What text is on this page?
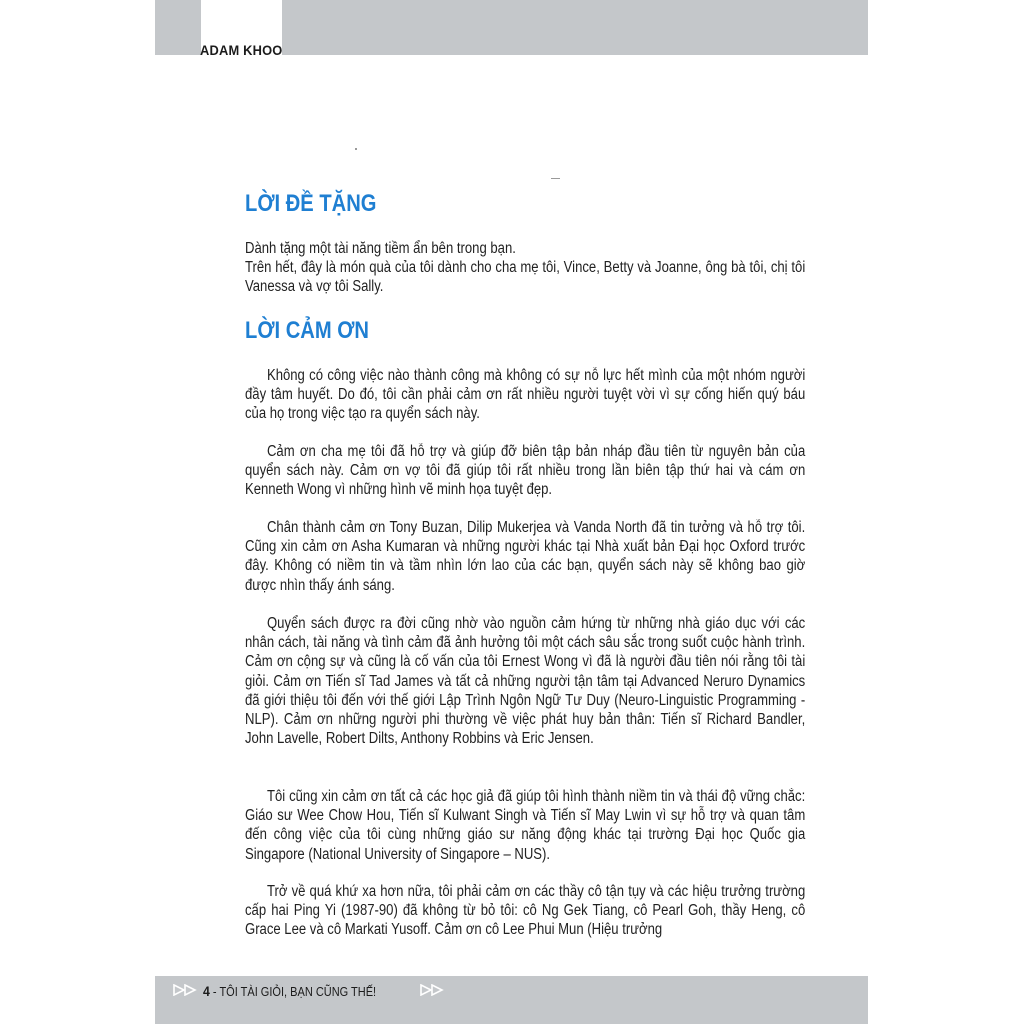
ADAM KHOO
LỜI ĐỀ TẶNG

Dành tặng một tài năng tiềm ẩn bên trong bạn.

Trên hết, đây là món quà của tôi dành cho cha mẹ tôi, Vince, Betty và Joanne, ông bà tôi, chị tôi Vanessa và vợ tôi Sally.

LỜI CẢM ƠN

Không có công việc nào thành công mà không có sự nỗ lực hết mình của một nhóm người đầy tâm huyết. Do đó, tôi cần phải cảm ơn rất nhiều người tuyệt vời vì sự cống hiến quý báu của họ trong việc tạo ra quyển sách này.

Cảm ơn cha mẹ tôi đã hỗ trợ và giúp đỡ biên tập bản nháp đầu tiên từ nguyên bản của quyển sách này. Cảm ơn vợ tôi đã giúp tôi rất nhiều trong lần biên tập thứ hai và cám ơn Kenneth Wong vì những hình vẽ minh họa tuyệt đẹp.

Chân thành cảm ơn Tony Buzan, Dilip Mukerjea và Vanda North đã tin tưởng và hỗ trợ tôi. Cũng xin cảm ơn Asha Kumaran và những người khác tại Nhà xuất bản Đại học Oxford trước đây. Không có niềm tin và tầm nhìn lớn lao của các bạn, quyển sách này sẽ không bao giờ được nhìn thấy ánh sáng.

Quyển sách được ra đời cũng nhờ vào nguồn cảm hứng từ những nhà giáo dục với các nhân cách, tài năng và tình cảm đã ảnh hưởng tôi một cách sâu sắc trong suốt cuộc hành trình. Cảm ơn cộng sự và cũng là cố vấn của tôi Ernest Wong vì đã là người đầu tiên nói rằng tôi tài giỏi. Cảm ơn Tiến sĩ Tad James và tất cả những người tận tâm tại Advanced Neruro Dynamics đã giới thiệu tôi đến với thế giới Lập Trình Ngôn Ngữ Tư Duy (Neuro-Linguistic Programming - NLP). Cảm ơn những người phi thường về việc phát huy bản thân: Tiến sĩ Richard Bandler, John Lavelle, Robert Dilts, Anthony Robbins và Eric Jensen.

Tôi cũng xin cảm ơn tất cả các học giả đã giúp tôi hình thành niềm tin và thái độ vững chắc: Giáo sư Wee Chow Hou, Tiến sĩ Kulwant Singh và Tiến sĩ May Lwin vì sự hỗ trợ và quan tâm đến công việc của tôi cùng những giáo sư năng động khác tại trường Đại học Quốc gia Singapore (National University of Singapore – NUS).

Trở về quá khứ xa hơn nữa, tôi phải cảm ơn các thầy cô tận tụy và các hiệu trưởng trường cấp hai Ping Yi (1987-90) đã không từ bỏ tôi: cô Ng Gek Tiang, cô Pearl Goh, thầy Heng, cô Grace Lee và cô Markati Yusoff. Cảm ơn cô Lee Phui Mun (Hiệu trưởng

4 - TÔI TÀI GIỎI, BẠN CŨNG THẾ!
